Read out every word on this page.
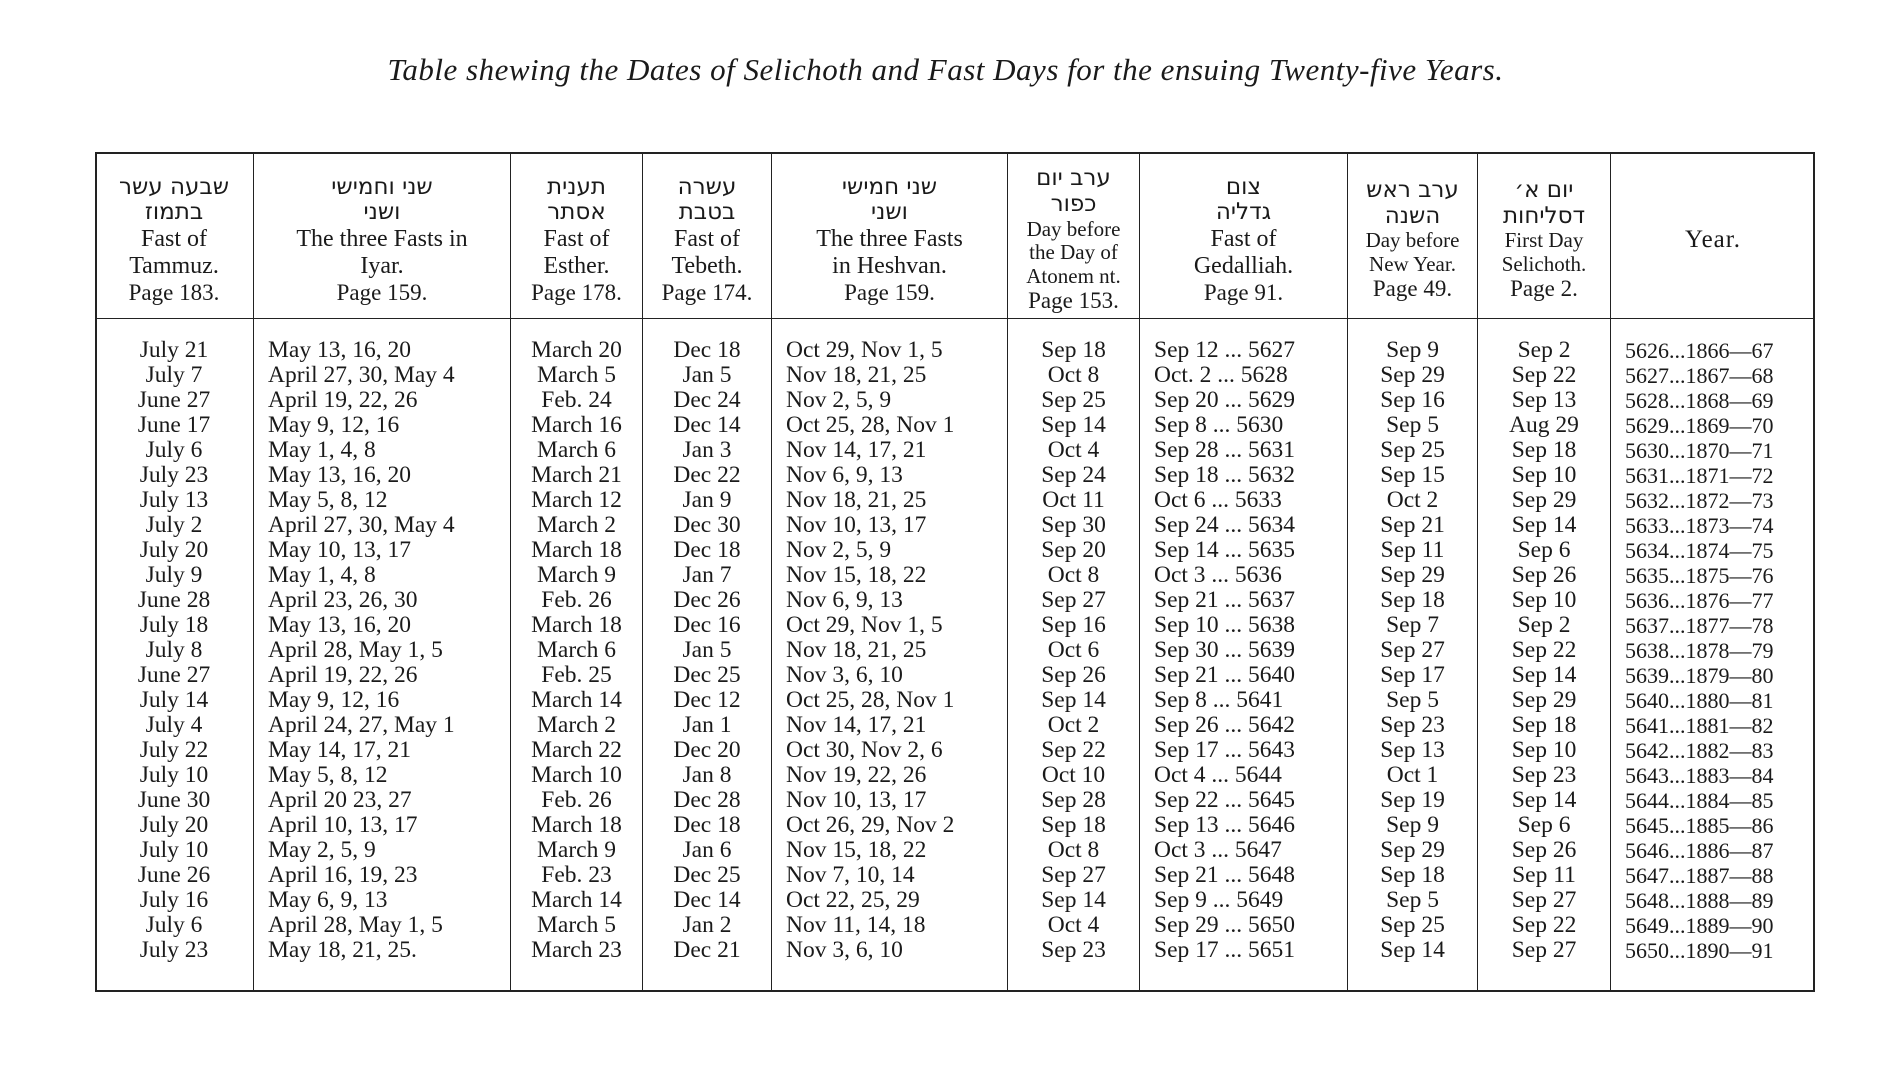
Table shewing the Dates of Selichoth and Fast Days for the ensuing Twenty-five Years.
שבעה עשר
בתמוז
Fast of
Tammuz.
Page 183.
July 21
July 7
June 27
June 17
July 6
July 23
July 13
July 2
July 20
July 9
June 28
July 18
July 8
June 27
July 14
July 4
July 22
July 10
June 30
July 20
July 10
June 26
July 16
July 6
July 23
שני וחמישי
ושני
The three Fasts in
Iyar.
Page 159.
May 13, 16, 20
April 27, 30, May 4
April 19, 22, 26
May 9, 12, 16
May 1, 4, 8
May 13, 16, 20
May 5, 8, 12
April 27, 30, May 4
May 10, 13, 17
May 1, 4, 8
April 23, 26, 30
May 13, 16, 20
April 28, May 1, 5
April 19, 22, 26
May 9, 12, 16
April 24, 27, May 1
May 14, 17, 21
May 5, 8, 12
April 20 23, 27
April 10, 13, 17
May 2, 5, 9
April 16, 19, 23
May 6, 9, 13
April 28, May 1, 5
May 18, 21, 25.
תענית
אסתר
Fast of
Esther.
Page 178.
March 20
March 5
Feb. 24
March 16
March 6
March 21
March 12
March 2
March 18
March 9
Feb. 26
March 18
March 6
Feb. 25
March 14
March 2
March 22
March 10
Feb. 26
March 18
March 9
Feb. 23
March 14
March 5
March 23
עשרה
בטבת
Fast of
Tebeth.
Page 174.
Dec 18
Jan 5
Dec 24
Dec 14
Jan 3
Dec 22
Jan 9
Dec 30
Dec 18
Jan 7
Dec 26
Dec 16
Jan 5
Dec 25
Dec 12
Jan 1
Dec 20
Jan 8
Dec 28
Dec 18
Jan 6
Dec 25
Dec 14
Jan 2
Dec 21
שני חמישי
ושני
The three Fasts
in Heshvan.
Page 159.
Oct 29, Nov 1, 5
Nov 18, 21, 25
Nov 2, 5, 9
Oct 25, 28, Nov 1
Nov 14, 17, 21
Nov 6, 9, 13
Nov 18, 21, 25
Nov 10, 13, 17
Nov 2, 5, 9
Nov 15, 18, 22
Nov 6, 9, 13
Oct 29, Nov 1, 5
Nov 18, 21, 25
Nov 3, 6, 10
Oct 25, 28, Nov 1
Nov 14, 17, 21
Oct 30, Nov 2, 6
Nov 19, 22, 26
Nov 10, 13, 17
Oct 26, 29, Nov 2
Nov 15, 18, 22
Nov 7, 10, 14
Oct 22, 25, 29
Nov 11, 14, 18
Nov 3, 6, 10
ערב יום
כפור
Day before
the Day of
Atonem nt.
Page 153.
Sep 18
Oct 8
Sep 25
Sep 14
Oct 4
Sep 24
Oct 11
Sep 30
Sep 20
Oct 8
Sep 27
Sep 16
Oct 6
Sep 26
Sep 14
Oct 2
Sep 22
Oct 10
Sep 28
Sep 18
Oct 8
Sep 27
Sep 14
Oct 4
Sep 23
צום
גדליה
Fast of
Gedalliah.
Page 91.
Sep 12 ... 5627
Oct. 2 ... 5628
Sep 20 ... 5629
Sep 8 ... 5630
Sep 28 ... 5631
Sep 18 ... 5632
Oct 6 ... 5633
Sep 24 ... 5634
Sep 14 ... 5635
Oct 3 ... 5636
Sep 21 ... 5637
Sep 10 ... 5638
Sep 30 ... 5639
Sep 21 ... 5640
Sep 8 ... 5641
Sep 26 ... 5642
Sep 17 ... 5643
Oct 4 ... 5644
Sep 22 ... 5645
Sep 13 ... 5646
Oct 3 ... 5647
Sep 21 ... 5648
Sep 9 ... 5649
Sep 29 ... 5650
Sep 17 ... 5651
ערב ראש
השנה
Day before
New Year.
Page 49.
Sep 9
Sep 29
Sep 16
Sep 5
Sep 25
Sep 15
Oct 2
Sep 21
Sep 11
Sep 29
Sep 18
Sep 7
Sep 27
Sep 17
Sep 5
Sep 23
Sep 13
Oct 1
Sep 19
Sep 9
Sep 29
Sep 18
Sep 5
Sep 25
Sep 14
יום א׳
דסליחות
First Day
Selichoth.
Page 2.
Sep 2
Sep 22
Sep 13
Aug 29
Sep 18
Sep 10
Sep 29
Sep 14
Sep 6
Sep 26
Sep 10
Sep 2
Sep 22
Sep 14
Sep 29
Sep 18
Sep 10
Sep 23
Sep 14
Sep 6
Sep 26
Sep 11
Sep 27
Sep 22
Sep 27
Year.
5626...1866—67
5627...1867—68
5628...1868—69
5629...1869—70
5630...1870—71
5631...1871—72
5632...1872—73
5633...1873—74
5634...1874—75
5635...1875—76
5636...1876—77
5637...1877—78
5638...1878—79
5639...1879—80
5640...1880—81
5641...1881—82
5642...1882—83
5643...1883—84
5644...1884—85
5645...1885—86
5646...1886—87
5647...1887—88
5648...1888—89
5649...1889—90
5650...1890—91
